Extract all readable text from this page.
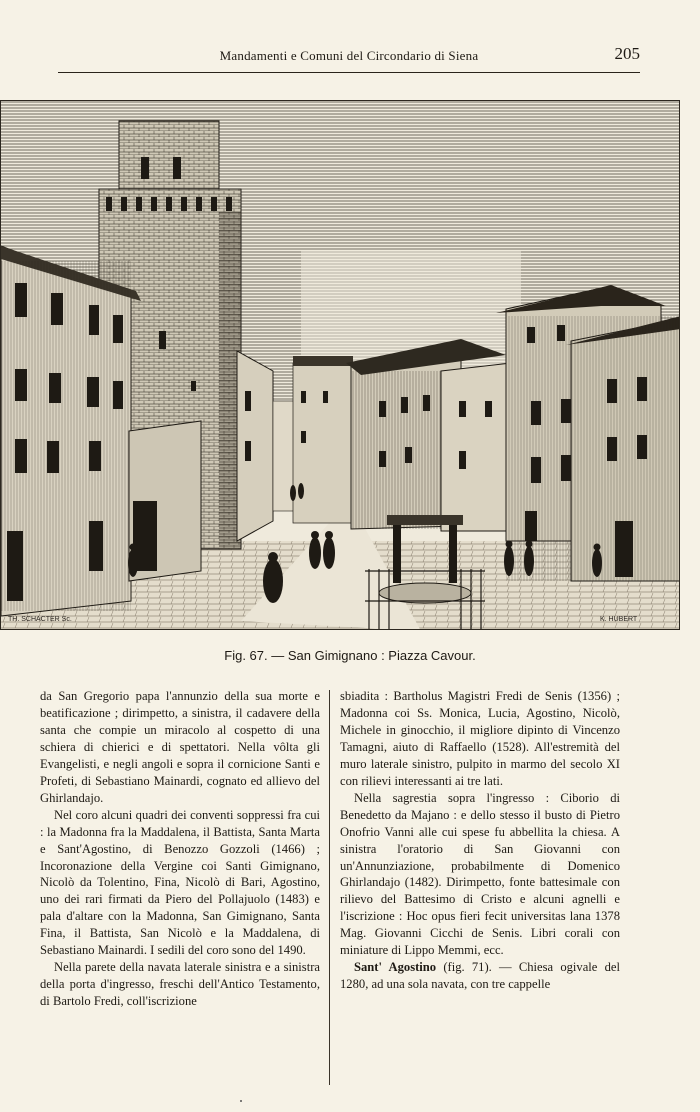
Mandamenti e Comuni del Circondario di Siena	205
TH. SCHACTER Sc.	K. HUBERT
Fig. 67. — San Gimignano : Piazza Cavour.

da San Gregorio papa l'annunzio della sua morte e beatificazione ; dirimpetto, a sinistra, il cadavere della santa che compie un miracolo al cospetto di una schiera di chierici e di spettatori. Nella vôlta gli Evangelisti, e negli angoli e sopra il cornicione Santi e Profeti, di Sebastiano Mainardi, cognato ed allievo del Ghirlandajo.

Nel coro alcuni quadri dei conventi soppressi fra cui : la Madonna fra la Maddalena, il Battista, Santa Marta e Sant'Agostino, di Benozzo Gozzoli (1466) ; Incoronazione della Vergine coi Santi Gimignano, Nicolò da Tolentino, Fina, Nicolò di Bari, Agostino, uno dei rari firmati da Piero del Pollajuolo (1483) e pala d'altare con la Madonna, San Gimignano, Santa Fina, il Battista, San Nicolò e la Maddalena, di Sebastiano Mainardi. I sedili del coro sono del 1490.

Nella parete della navata laterale sinistra e a sinistra della porta d'ingresso, freschi dell'Antico Testamento, di Bartolo Fredi, coll'iscrizione

sbiadita : Bartholus Magistri Fredi de Senis (1356) ; Madonna coi Ss. Monica, Lucia, Agostino, Nicolò, Michele in ginocchio, il migliore dipinto di Vincenzo Tamagni, aiuto di Raffaello (1528). All'estremità del muro laterale sinistro, pulpito in marmo del secolo XI con rilievi interessanti ai tre lati.

Nella sagrestia sopra l'ingresso : Ciborio di Benedetto da Majano : e dello stesso il busto di Pietro Onofrio Vanni alle cui spese fu abbellita la chiesa. A sinistra l'oratorio di San Giovanni con un'Annunziazione, probabilmente di Domenico Ghirlandajo (1482). Dirimpetto, fonte battesimale con rilievo del Battesimo di Cristo e alcuni agnelli e l'iscrizione : Hoc opus fieri fecit universitas lana 1378 Mag. Giovanni Cicchi de Senis. Libri corali con miniature di Lippo Memmi, ecc.

Sant' Agostino (fig. 71). — Chiesa ogivale del 1280, ad una sola navata, con tre cappelle
